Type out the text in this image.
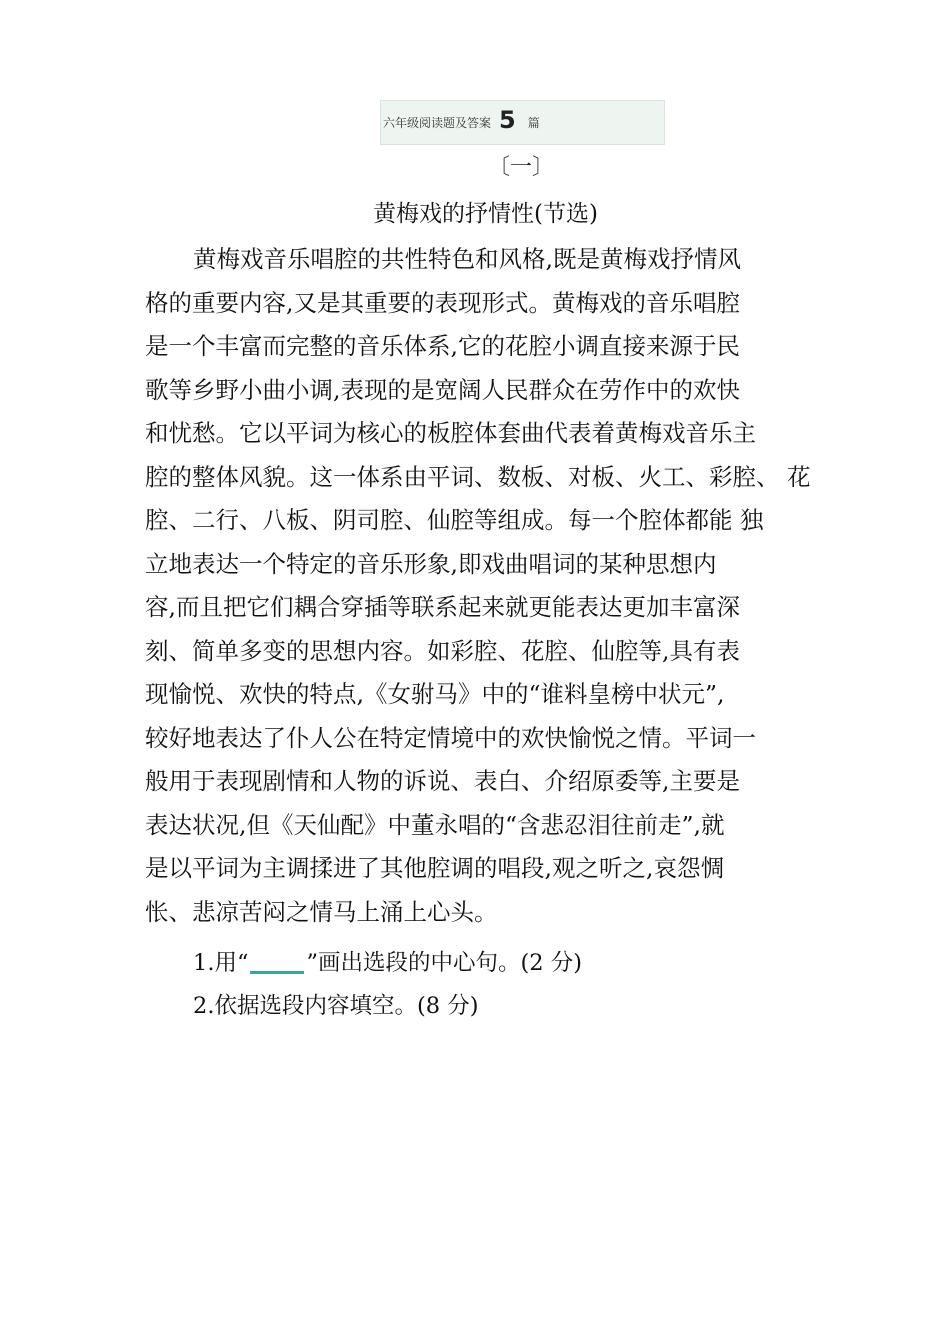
六年级阅读题及答案 5 篇
〔一〕
黄梅戏的抒情性(节选)
黄梅戏音乐唱腔的共性特色和风格,既是黄梅戏抒情风
格的重要内容,又是其重要的表现形式。黄梅戏的音乐唱腔
是一个丰富而完整的音乐体系,它的花腔小调直接来源于民
歌等乡野小曲小调,表现的是宽阔人民群众在劳作中的欢快
和忧愁。它以平词为核心的板腔体套曲代表着黄梅戏音乐主
腔的整体风貌。这一体系由平词、数板、对板、火工、彩腔、 花
腔、二行、八板、阴司腔、仙腔等组成。每一个腔体都能 独
立地表达一个特定的音乐形象,即戏曲唱词的某种思想内
容,而且把它们耦合穿插等联系起来就更能表达更加丰富深
刻、简单多变的思想内容。如彩腔、花腔、仙腔等,具有表
现愉悦、欢快的特点,《女驸马》中的“谁料皇榜中状元”,
较好地表达了仆人公在特定情境中的欢快愉悦之情。平词一
般用于表现剧情和人物的诉说、表白、介绍原委等,主要是
表达状况,但《天仙配》中董永唱的“含悲忍泪往前走”,就
是以平词为主调揉进了其他腔调的唱段,观之听之,哀怨惆
怅、悲凉苦闷之情马上涌上心头。
1.用“	”画出选段的中心句。(2 分)
2.依据选段内容填空。(8 分)
